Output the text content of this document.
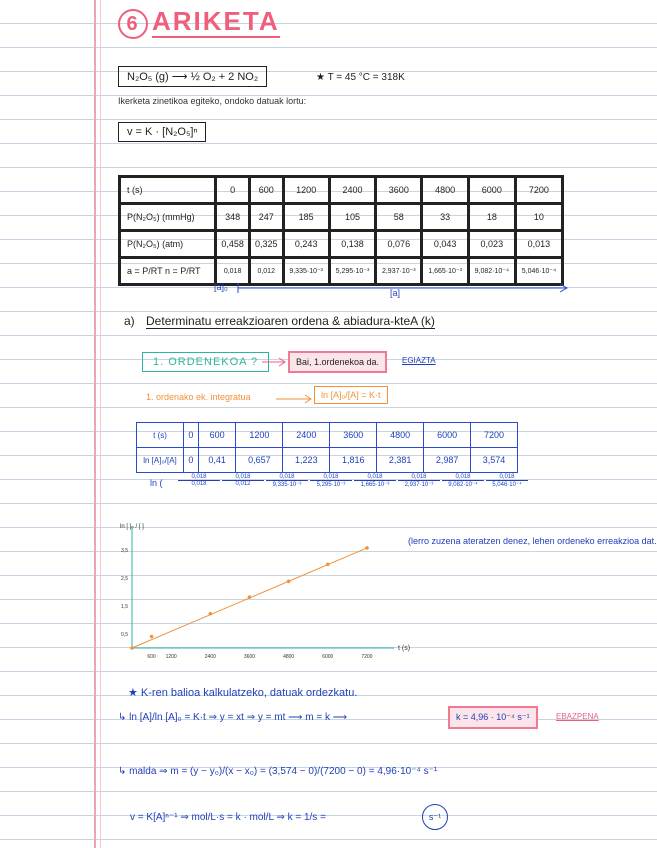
6 ARIKETA
N₂O₅ (g) ⟶ ½ O₂ + 2 NO₂	★ T = 45 °C = 318K
Ikerketa zinetikoa egiteko, ondoko datuak lortu:
v = K · [N₂O₅]ⁿ
t (s)	0	600	1200	2400	3600	4800	6000	7200
P(N₂O₅) (mmHg)	348	247	185	105	58	33	18	10
P(N₂O₅) (atm)	0,458	0,325	0,243	0,138	0,076	0,043	0,023	0,013
a = P/RT n = P/RT	0,018	0,012	9,335·10⁻³	5,295·10⁻³	2,937·10⁻³	1,665·10⁻³	9,082·10⁻⁴	5,046·10⁻⁴
[a]₀
[a]
a) Determinatu erreakzioaren ordena & abiadura-kteA (k)
1. ORDENEKOA ?	Bai, 1.ordenekoa da.	EGIAZTA
1. ordenako ek. integratua	ln [A]₀/[A] = K·t
t (s)	0	600	1200	2400	3600	4800	6000	7200
ln [A]₀/[A]	0	0,41	0,657	1,223	1,816	2,381	2,987	3,574
ln (	$\frac{0,018}{0,018} \frac{0,018}{0,012} \frac{0,018}{\text{9,335·10⁻³}} \frac{0,018}{\text{5,295·10⁻³}} \frac{0,018}{\text{1,665·10⁻³}} \frac{0,018}{\text{2,937·10⁻³}} \frac{0,018}{\text{9,082·10⁻⁴}} \frac{0,018}{\text{5,046·10⁻⁴}}$
600 1200	2400	3600	4800	6000	7200
0,5
1,5
2,5
3,5
ln [ ]₀ / [ ]
t (s)
(lerro zuzena ateratzen denez, lehen ordeneko erreakzioa dat.
★ K-ren balioa kalkulatzeko, datuak ordezkatu.
↳ ln [A]/ln [A]₀ = K·t ⇒ y = xt ⇒ y = mt ⟶ m = k ⟶	k = 4,96 · 10⁻⁴ s⁻¹	EBAZPENA
↳ malda ⇒ m = (y − y₀)/(x − x₀) = (3,574 − 0)/(7200 − 0) = 4,96·10⁻⁴ s⁻¹
v = K[A]ⁿ⁻¹ ⇒ mol/L·s = k · mol/L ⇒ k = 1/s =	s⁻¹
